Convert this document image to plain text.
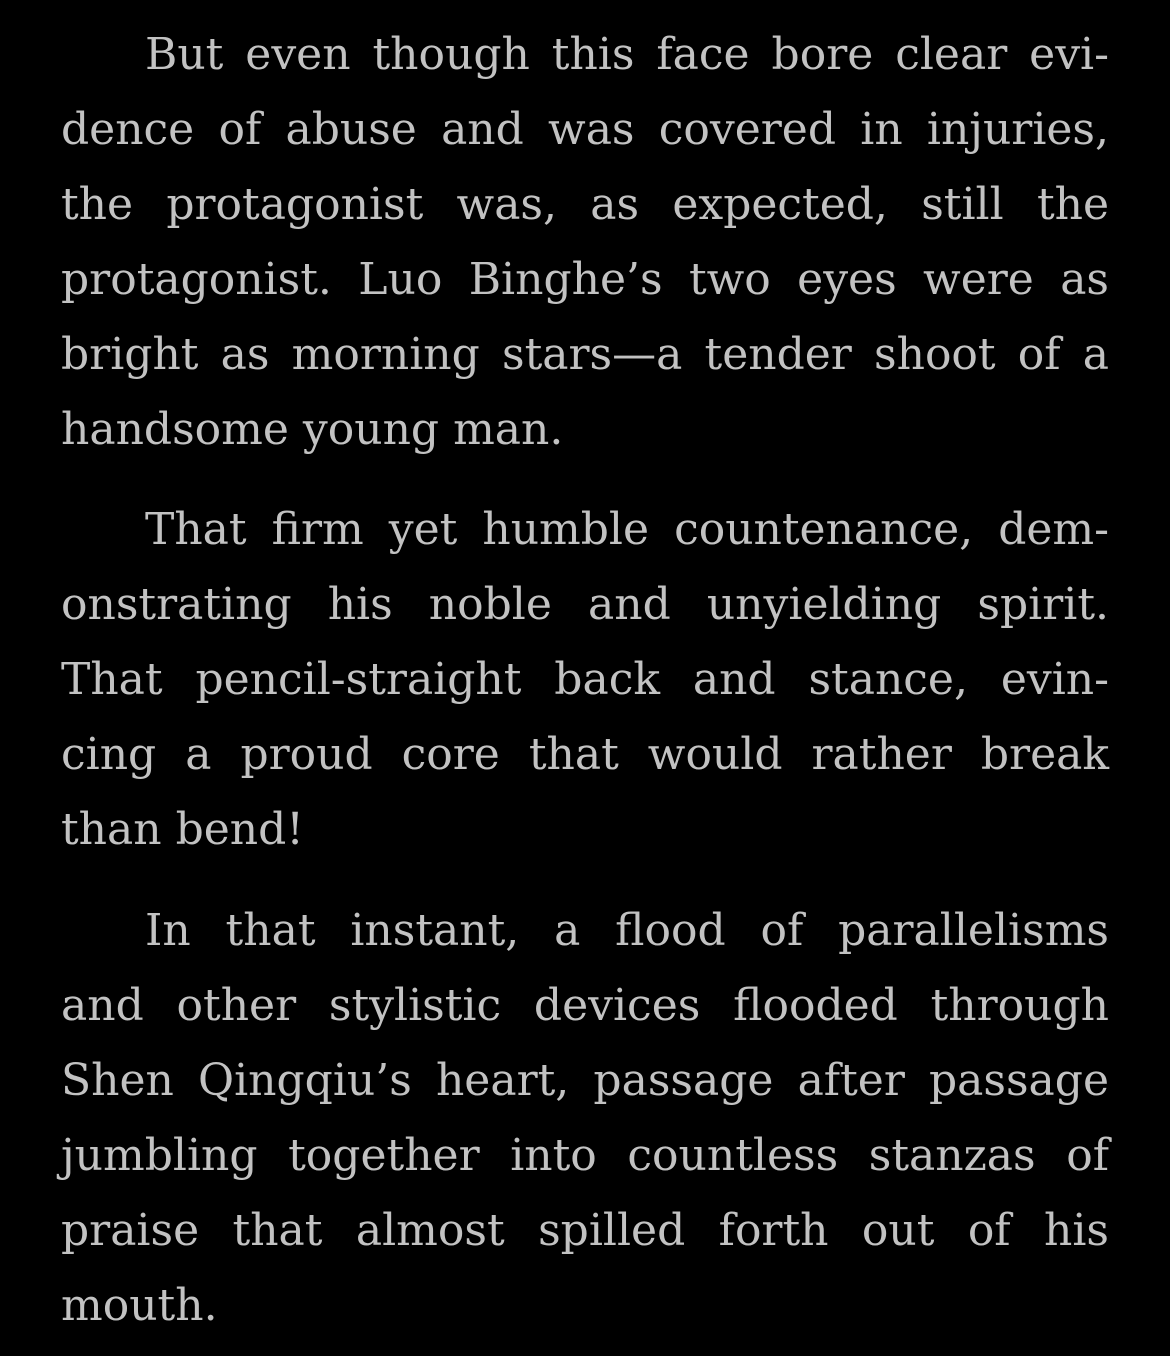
But even though this face bore clear evi-
dence of abuse and was covered in injuries,
the protagonist was, as expected, still the
protagonist. Luo Binghe’s two eyes were as
bright as morning stars—a tender shoot of a
handsome young man.
That firm yet humble countenance, dem-
onstrating his noble and unyielding spirit.
That pencil-straight back and stance, evin-
cing a proud core that would rather break
than bend!
In that instant, a flood of parallelisms
and other stylistic devices flooded through
Shen Qingqiu’s heart, passage after passage
jumbling together into countless stanzas of
praise that almost spilled forth out of his
mouth.
